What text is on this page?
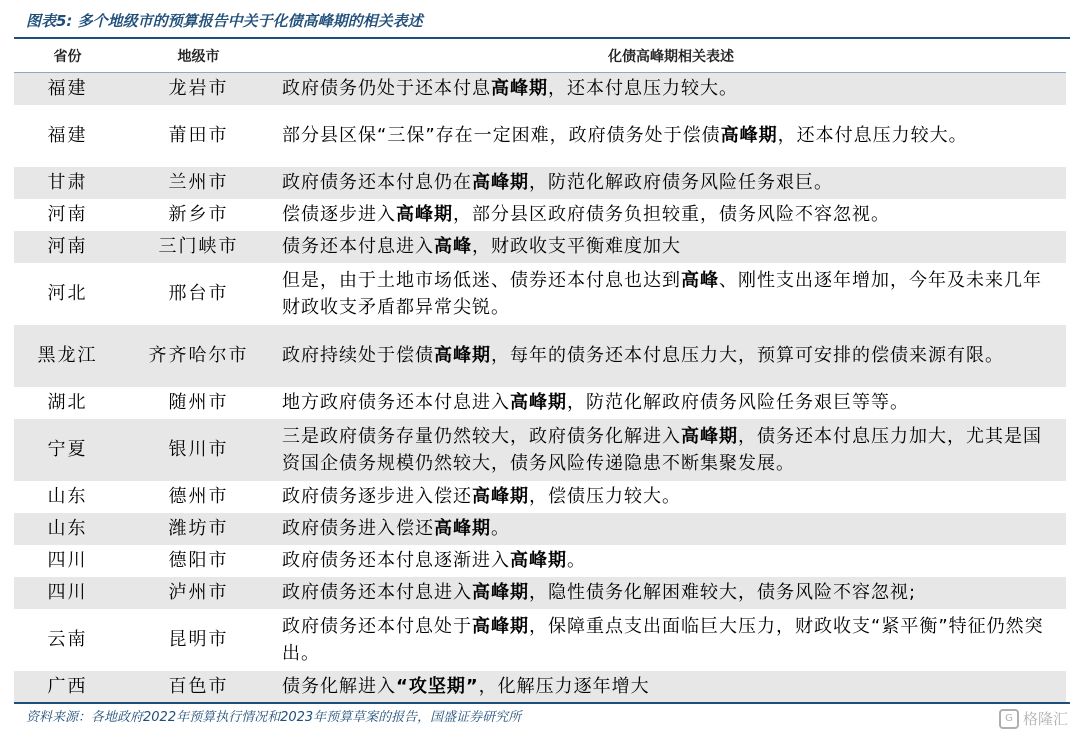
图表5: 多个地级市的预算报告中关于化债高峰期的相关表述
省份	地级市	化债高峰期相关表述
福建	龙岩市	政府债务仍处于还本付息高峰期，还本付息压力较大。
福建	莆田市	部分县区保“三保”存在一定困难，政府债务处于偿债高峰期，还本付息压力较大。
甘肃	兰州市	政府债务还本付息仍在高峰期，防范化解政府债务风险任务艰巨。
河南	新乡市	偿债逐步进入高峰期，部分县区政府债务负担较重，债务风险不容忽视。
河南	三门峡市	债务还本付息进入高峰，财政收支平衡难度加大
河北	邢台市	但是，由于土地市场低迷、债券还本付息也达到高峰、刚性支出逐年增加，今年及未来几年财政收支矛盾都异常尖锐。
黑龙江	齐齐哈尔市	政府持续处于偿债高峰期，每年的债务还本付息压力大，预算可安排的偿债来源有限。
湖北	随州市	地方政府债务还本付息进入高峰期，防范化解政府债务风险任务艰巨等等。
宁夏	银川市	三是政府债务存量仍然较大，政府债务化解进入高峰期，债务还本付息压力加大，尤其是国资国企债务规模仍然较大，债务风险传递隐患不断集聚发展。
山东	德州市	政府债务逐步进入偿还高峰期，偿债压力较大。
山东	潍坊市	政府债务进入偿还高峰期。
四川	德阳市	政府债务还本付息逐渐进入高峰期。
四川	泸州市	政府债务还本付息进入高峰期，隐性债务化解困难较大，债务风险不容忽视;
云南	昆明市	政府债务还本付息处于高峰期，保障重点支出面临巨大压力，财政收支“紧平衡”特征仍然突出。
广西	百色市	债务化解进入“攻坚期”，化解压力逐年增大
资料来源：各地政府2022年预算执行情况和2023年预算草案的报告，国盛证券研究所	G 格隆汇
